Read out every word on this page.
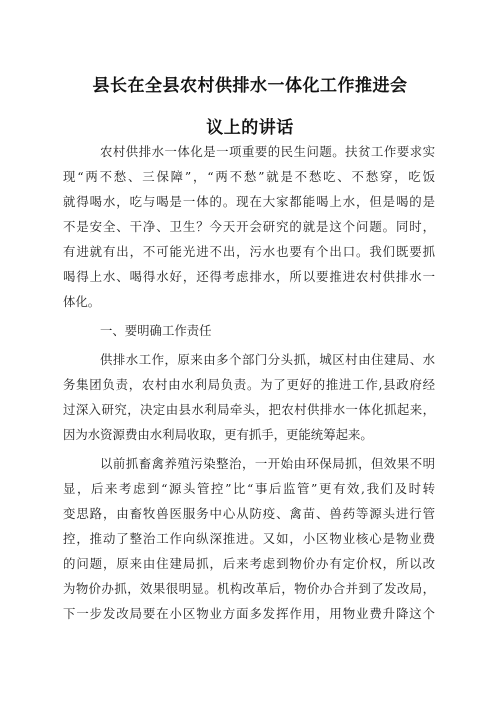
县长在全县农村供排水一体化工作推进会
议上的讲话
农村供排水一体化是一项重要的民生问题。扶贫工作要求实
现“两不愁、三保障”，“两不愁”就是不愁吃、不愁穿，吃饭
就得喝水，吃与喝是一体的。现在大家都能喝上水，但是喝的是
不是安全、干净、卫生？今天开会研究的就是这个问题。同时，
有进就有出，不可能光进不出，污水也要有个出口。我们既要抓
喝得上水、喝得水好，还得考虑排水，所以要推进农村供排水一
体化。
一、要明确工作责任
供排水工作，原来由多个部门分头抓，城区村由住建局、水
务集团负责，农村由水利局负责。为了更好的推进工作,县政府经
过深入研究，决定由县水利局牵头，把农村供排水一体化抓起来，
因为水资源费由水利局收取，更有抓手，更能统筹起来。
以前抓畜禽养殖污染整治，一开始由环保局抓，但效果不明
显，后来考虑到“源头管控”比“事后监管”更有效,我们及时转
变思路，由畜牧兽医服务中心从防疫、禽苗、兽药等源头进行管
控，推动了整治工作向纵深推进。又如，小区物业核心是物业费
的问题，原来由住建局抓，后来考虑到物价办有定价权，所以改
为物价办抓，效果很明显。机构改革后，物价办合并到了发改局，
下一步发改局要在小区物业方面多发挥作用，用物业费升降这个
